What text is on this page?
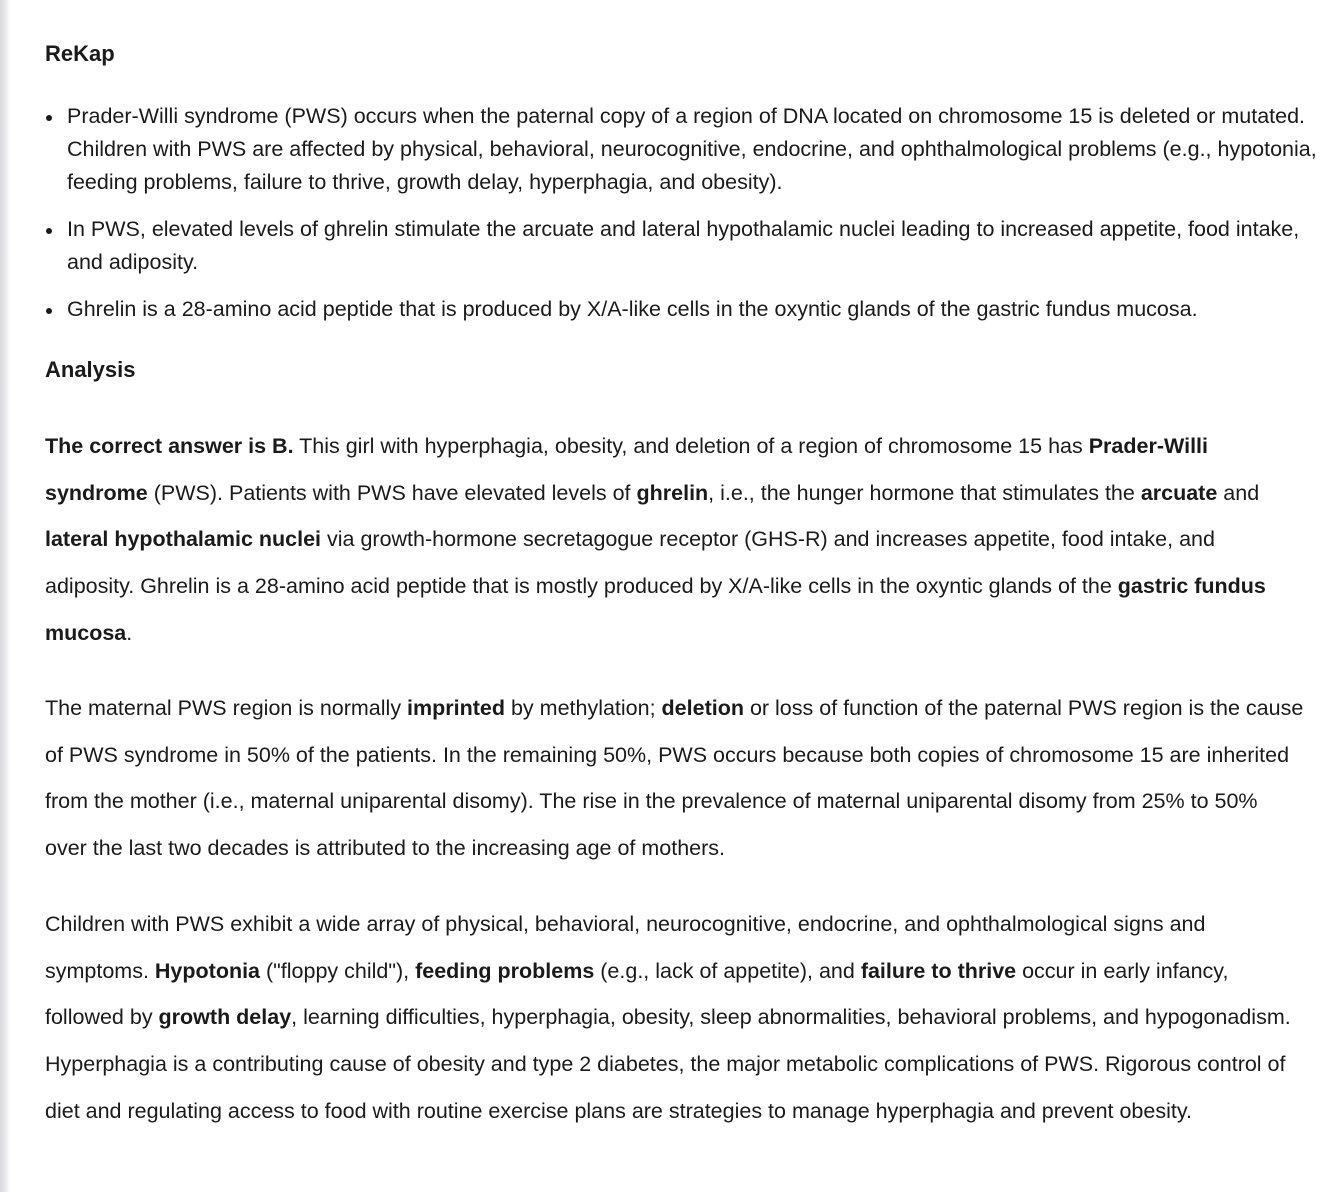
ReKap
Prader-Willi syndrome (PWS) occurs when the paternal copy of a region of DNA located on chromosome 15 is deleted or mutated. Children with PWS are affected by physical, behavioral, neurocognitive, endocrine, and ophthalmological problems (e.g., hypotonia, feeding problems, failure to thrive, growth delay, hyperphagia, and obesity).
In PWS, elevated levels of ghrelin stimulate the arcuate and lateral hypothalamic nuclei leading to increased appetite, food intake, and adiposity.
Ghrelin is a 28-amino acid peptide that is produced by X/A-like cells in the oxyntic glands of the gastric fundus mucosa.
Analysis

The correct answer is B. This girl with hyperphagia, obesity, and deletion of a region of chromosome 15 has Prader-Willi syndrome (PWS). Patients with PWS have elevated levels of ghrelin, i.e., the hunger hormone that stimulates the arcuate and lateral hypothalamic nuclei via growth-hormone secretagogue receptor (GHS-R) and increases appetite, food intake, and adiposity. Ghrelin is a 28-amino acid peptide that is mostly produced by X/A-like cells in the oxyntic glands of the gastric fundus mucosa.

The maternal PWS region is normally imprinted by methylation; deletion or loss of function of the paternal PWS region is the cause of PWS syndrome in 50% of the patients. In the remaining 50%, PWS occurs because both copies of chromosome 15 are inherited from the mother (i.e., maternal uniparental disomy). The rise in the prevalence of maternal uniparental disomy from 25% to 50% over the last two decades is attributed to the increasing age of mothers.

Children with PWS exhibit a wide array of physical, behavioral, neurocognitive, endocrine, and ophthalmological signs and symptoms. Hypotonia ("floppy child"), feeding problems (e.g., lack of appetite), and failure to thrive occur in early infancy, followed by growth delay, learning difficulties, hyperphagia, obesity, sleep abnormalities, behavioral problems, and hypogonadism. Hyperphagia is a contributing cause of obesity and type 2 diabetes, the major metabolic complications of PWS. Rigorous control of diet and regulating access to food with routine exercise plans are strategies to manage hyperphagia and prevent obesity.
